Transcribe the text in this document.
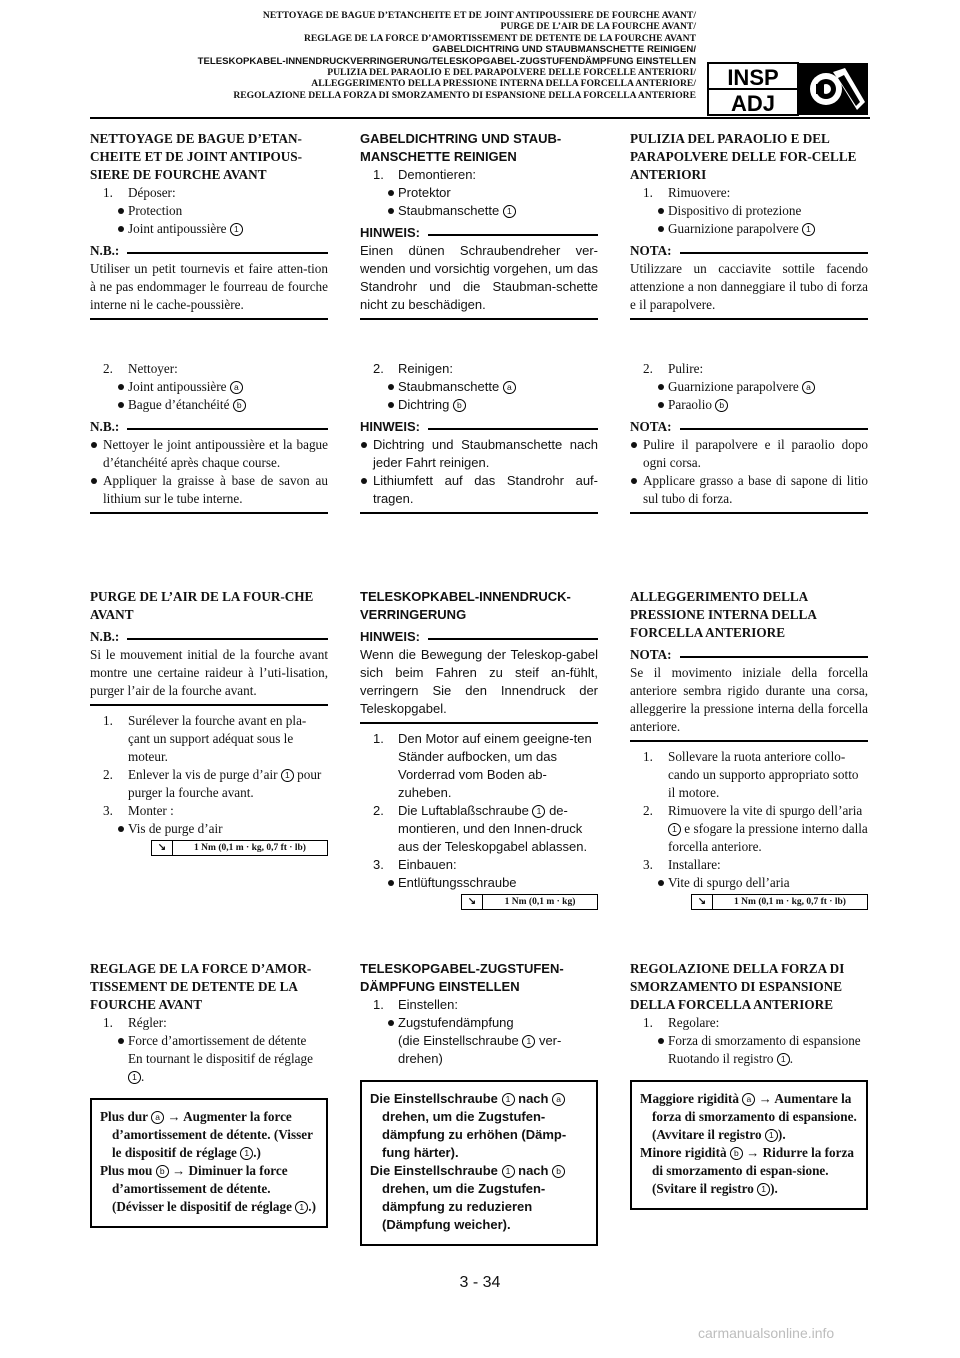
NETTOYAGE DE BAGUE D’ETANCHEITE ET DE JOINT ANTIPOUSSIERE DE FOURCHE AVANT/
PURGE DE L’AIR DE LA FOURCHE AVANT/
REGLAGE DE LA FORCE D’AMORTISSEMENT DE DETENTE DE LA FOURCHE AVANT
GABELDICHTRING UND STAUBMANSCHETTE REINIGEN/
TELESKOPKABEL-INNENDRUCKVERRINGERUNG/TELESKOPGABEL-ZUGSTUFENDÄMPFUNG EINSTELLEN
PULIZIA DEL PARAOLIO E DEL PARAPOLVERE DELLE FORCELLE ANTERIORI/
ALLEGGERIMENTO DELLA PRESSIONE INTERNA DELLA FORCELLA ANTERIORE/
REGOLAZIONE DELLA FORZA DI SMORZAMENTO DI ESPANSIONE DELLA FORCELLA ANTERIORE
INSP
ADJ

NETTOYAGE DE BAGUE D’ETAN-CHEITE ET DE JOINT ANTIPOUS-SIERE DE FOURCHE AVANT

1. Déposer:

Protection

Joint antipoussière 1

N.B.:

Utiliser un petit tournevis et faire atten-tion à ne pas endommager le fourreau de fourche interne ni le cache-poussière.

2. Nettoyer:

Joint antipoussière a

Bague d’étanchéité b

N.B.:

Nettoyer le joint antipoussière et la bague d’étanchéité après chaque course.

Appliquer la graisse à base de savon au lithium sur le tube interne.

PURGE DE L’AIR DE LA FOUR-CHE AVANT

N.B.:

Si le mouvement initial de la fourche avant montre une certaine raideur à l’uti-lisation, purger l’air de la fourche avant.

1. Surélever la fourche avant en pla-çant un support adéquat sous le moteur.

2. Enlever la vis de purge d’air 1 pour purger la fourche avant.

3. Monter :

Vis de purge d’air

↘	1 Nm (0,1 m · kg, 0,7 ft · lb)

REGLAGE DE LA FORCE D’AMOR-TISSEMENT DE DETENTE DE LA FOURCHE AVANT

1. Régler:

Force d’amortissement de détente

En tournant le dispositif de réglage 1 .

Plus dur a → Augmenter la force d’amortissement de détente. (Visser le dispositif de réglage 1 .)

Plus mou b → Diminuer la force d’amortissement de détente. (Dévisser le dispositif de réglage 1 .)

GABELDICHTRING UND STAUB-MANSCHETTE REINIGEN

1. Demontieren:

Protektor

Staubmanschette 1

HINWEIS:

Einen dünen Schraubendreher ver-wenden und vorsichtig vorgehen, um das Standrohr und die Staubman-schette nicht zu beschädigen.

2. Reinigen:

Staubmanschette a

Dichtring b

HINWEIS:

Dichtring und Staubmanschette nach jeder Fahrt reinigen.

Lithiumfett auf das Standrohr auf-tragen.

TELESKOPKABEL-INNENDRUCK-VERRINGERUNG

HINWEIS:

Wenn die Bewegung der Teleskop-gabel sich beim Fahren zu steif an-fühlt, verringern Sie den Innendruck der Teleskopgabel.

1. Den Motor auf einem geeigne-ten Ständer aufbocken, um das Vorderrad vom Boden ab-zuheben.

2. Die Luftablaßschraube 1 de-montieren, und den Innen-druck aus der Teleskopgabel ablassen.

3. Einbauen:

Entlüftungsschraube

↘	1 Nm (0,1 m · kg)

TELESKOPGABEL-ZUGSTUFEN-DÄMPFUNG EINSTELLEN

1. Einstellen:

Zugstufendämpfung

(die Einstellschraube 1 ver-drehen)

Die Einstellschraube 1 nach a drehen, um die Zugstufen-dämpfung zu erhöhen (Dämp-fung härter).

Die Einstellschraube 1 nach b drehen, um die Zugstufen-dämpfung zu reduzieren (Dämpfung weicher).

PULIZIA DEL PARAOLIO E DEL PARAPOLVERE DELLE FOR-CELLE ANTERIORI

1. Rimuovere:

Dispositivo di protezione

Guarnizione parapolvere 1

NOTA:

Utilizzare un cacciavite sottile facendo attenzione a non danneggiare il tubo di forza e il parapolvere.

2. Pulire:

Guarnizione parapolvere a

Paraolio b

NOTA:

Pulire il parapolvere e il paraolio dopo ogni corsa.

Applicare grasso a base di sapone di litio sul tubo di forza.

ALLEGGERIMENTO DELLA PRESSIONE INTERNA DELLA FORCELLA ANTERIORE

NOTA:

Se il movimento iniziale della forcella anteriore sembra rigido durante una corsa, alleggerire la pressione interna della forcella anteriore.

1. Sollevare la ruota anteriore collo-cando un supporto appropriato sotto il motore.

2. Rimuovere la vite di spurgo dell’aria 1 e sfogare la pressione interno dalla forcella anteriore.

3. Installare:

Vite di spurgo dell’aria

↘	1 Nm (0,1 m · kg, 0,7 ft · lb)

REGOLAZIONE DELLA FORZA DI SMORZAMENTO DI ESPANSIONE DELLA FORCELLA ANTERIORE

1. Regolare:

Forza di smorzamento di espansione

Ruotando il registro 1 .

Maggiore rigidità a → Aumentare la forza di smorzamento di espansione. (Avvitare il registro 1 ).

Minore rigidità b → Ridurre la forza di smorzamento di espan-sione. (Svitare il registro 1 ).

3 - 34
carmanualsonline.info
